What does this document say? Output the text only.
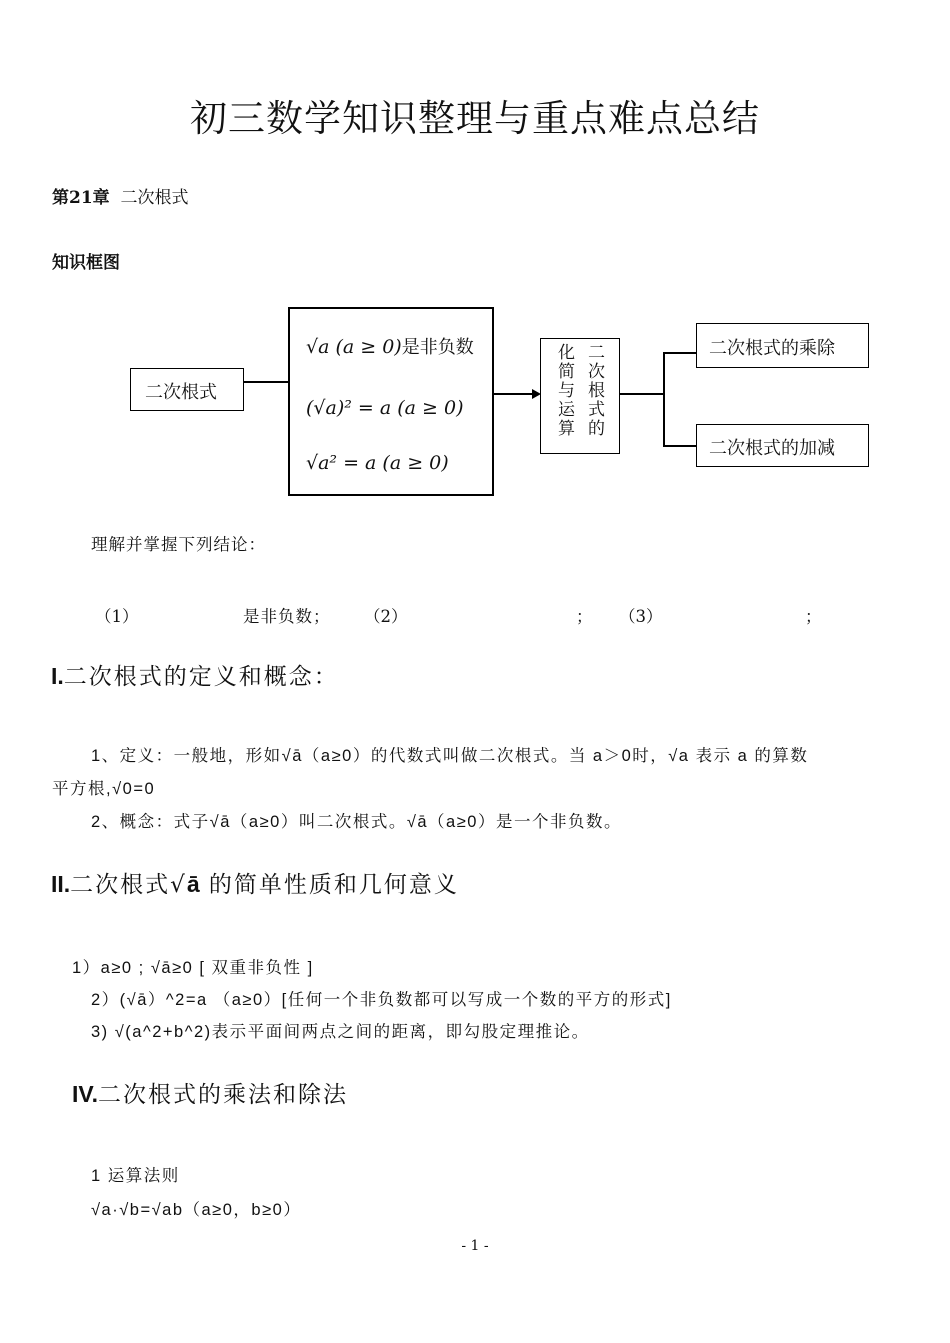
初三数学知识整理与重点难点总结
第21章 二次根式
知识框图
二次根式
√a (a ≥ 0)是非负数
(√a)² = a (a ≥ 0)
√a² = a (a ≥ 0)
化简与运算 二次根式的	二次根式的乘除
二次根式的加减
理解并掌握下列结论：
（1）	是非负数； （2）	； （3）	；
I.二次根式的定义和概念：
1、定义：一般地，形如√ā（a≥0）的代数式叫做二次根式。当 a＞0时，√a 表示 a 的算数
平方根,√0=0
2、概念：式子√ā（a≥0）叫二次根式。√ā（a≥0）是一个非负数。
II.二次根式√ā 的简单性质和几何意义
1）a≥0 ; √ā≥0 [ 双重非负性 ]
2）(√ā）^2=a （a≥0）[任何一个非负数都可以写成一个数的平方的形式]
3) √(a^2+b^2)表示平面间两点之间的距离，即勾股定理推论。
IV.二次根式的乘法和除法
1 运算法则
√a·√b=√ab（a≥0，b≥0）
- 1 -
